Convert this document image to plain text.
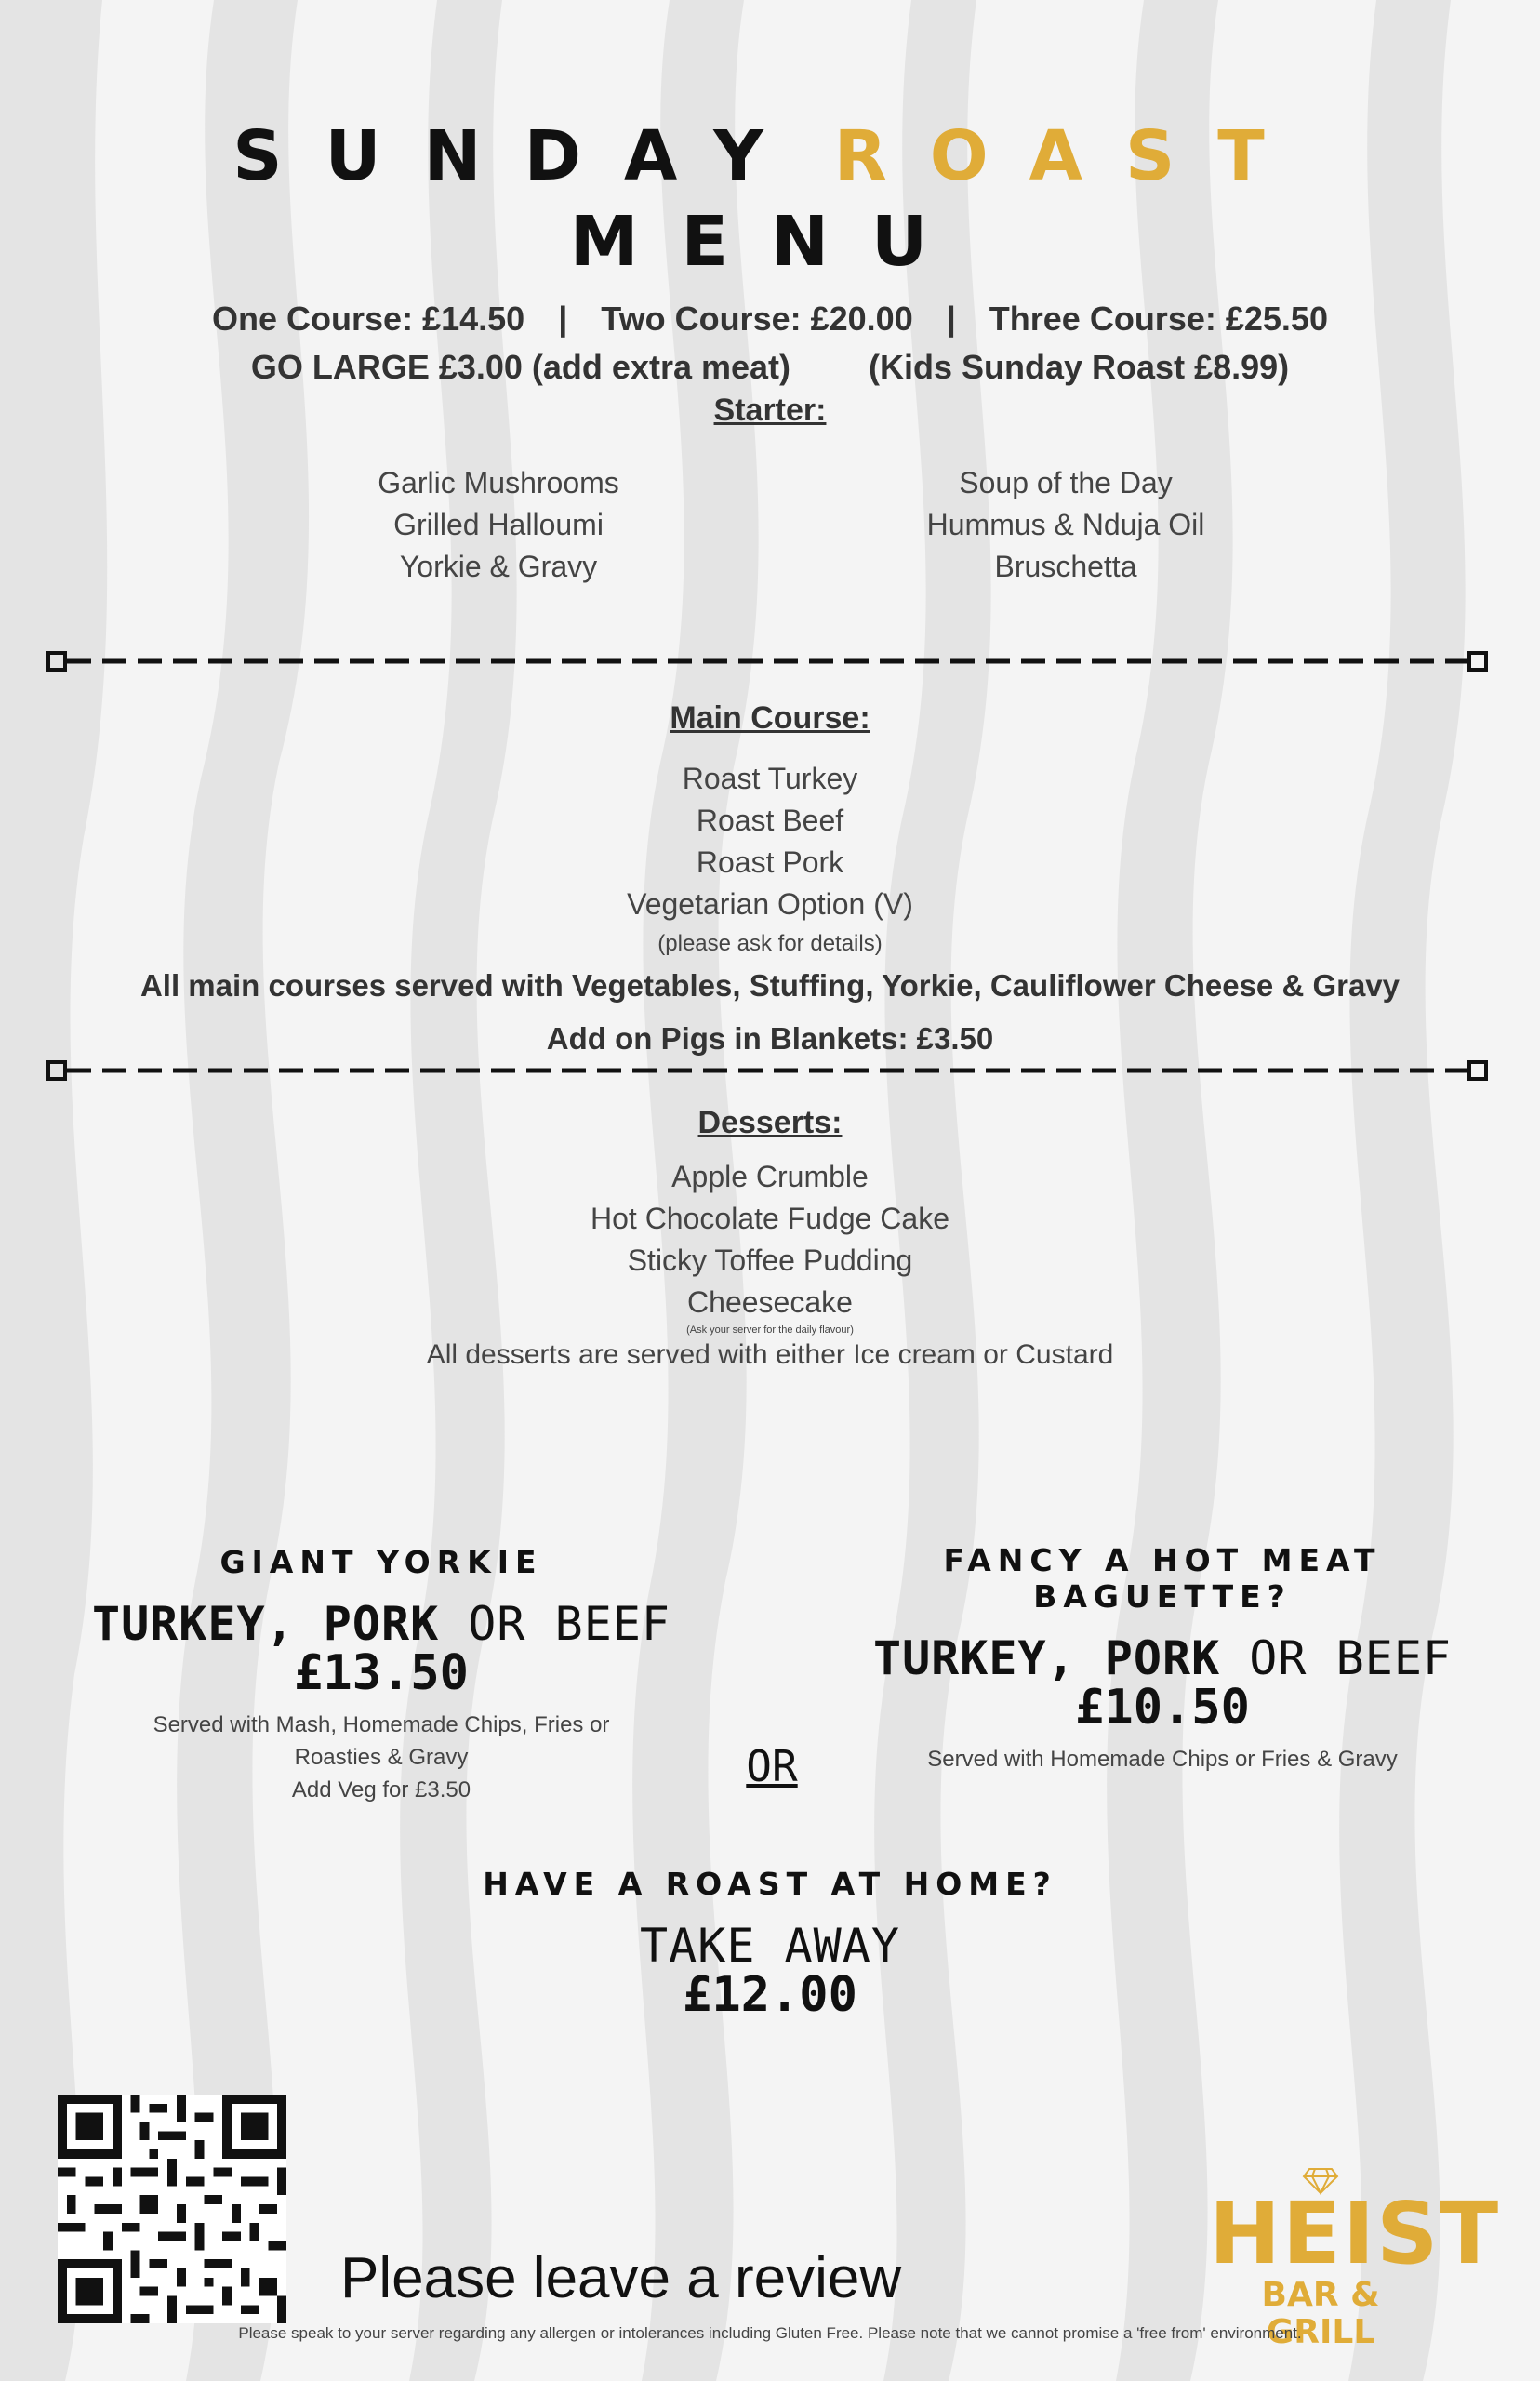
SUNDAY ROAST
MENU
One Course: £14.50 | Two Course: £20.00 | Three Course: £25.50
GO LARGE £3.00 (add extra meat) (Kids Sunday Roast £8.99)
Starter:
Garlic Mushrooms
Grilled Halloumi
Yorkie & Gravy
Soup of the Day
Hummus & Nduja Oil
Bruschetta
Main Course:
Roast Turkey
Roast Beef
Roast Pork
Vegetarian Option (V)
(please ask for details)
All main courses served with Vegetables, Stuffing, Yorkie, Cauliflower Cheese & Gravy
Add on Pigs in Blankets: £3.50
Desserts:
Apple Crumble
Hot Chocolate Fudge Cake
Sticky Toffee Pudding
Cheesecake
(Ask your server for the daily flavour)
All desserts are served with either Ice cream or Custard
GIANT YORKIE
TURKEY, PORK OR BEEF
£13.50
Served with Mash, Homemade Chips, Fries or
Roasties & Gravy
Add Veg for £3.50	OR
FANCY A HOT MEAT BAGUETTE?
TURKEY, PORK OR BEEF
£10.50
Served with Homemade Chips or Fries & Gravy
HAVE A ROAST AT HOME?
TAKE AWAY
£12.00
Please leave a review	HEIST
BAR & GRILL
Please speak to your server regarding any allergen or intolerances including Gluten Free. Please note that we cannot promise a 'free from' environment.
